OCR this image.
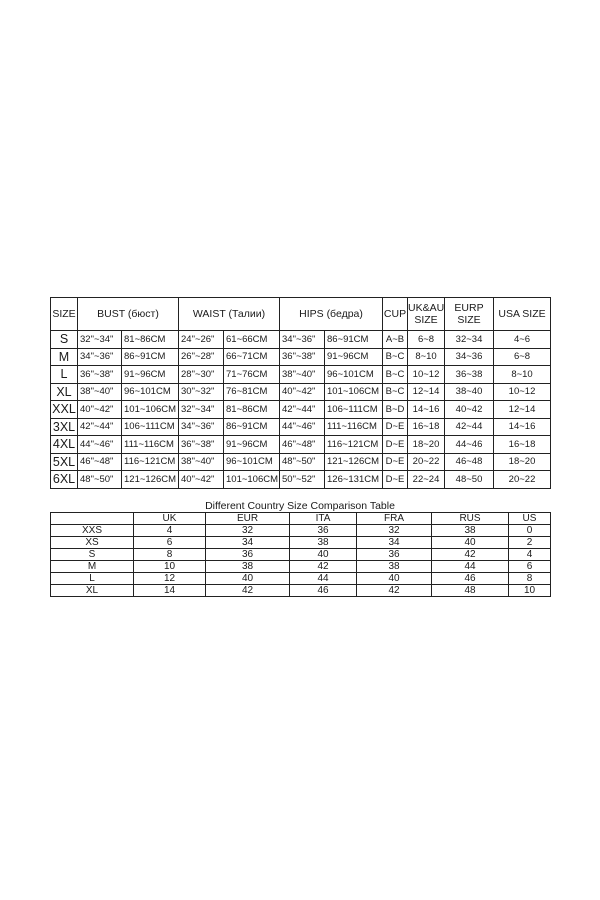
SIZE	BUST (бюст)		WAIST (Талии)		HIPS (бедра)		CUP	UK&AU SIZE	EURP SIZE	USA SIZE
S	32"~34"	81~86CM	24"~26"	61~66CM	34"~36"	86~91CM	A~B	6~8	32~34	4~6
M	34"~36"	86~91CM	26"~28"	66~71CM	36"~38"	91~96CM	B~C	8~10	34~36	6~8
L	36"~38"	91~96CM	28"~30"	71~76CM	38"~40"	96~101CM	B~C	10~12	36~38	8~10
XL	38"~40"	96~101CM	30"~32"	76~81CM	40"~42"	101~106CM	B~C	12~14	38~40	10~12
XXL	40"~42"	101~106CM	32"~34"	81~86CM	42"~44"	106~111CM	B~D	14~16	40~42	12~14
3XL	42"~44"	106~111CM	34"~36"	86~91CM	44"~46"	111~116CM	D~E	16~18	42~44	14~16
4XL	44"~46"	111~116CM	36"~38"	91~96CM	46"~48"	116~121CM	D~E	18~20	44~46	16~18
5XL	46"~48"	116~121CM	38"~40"	96~101CM	48"~50"	121~126CM	D~E	20~22	46~48	18~20
6XL	48"~50"	121~126CM	40"~42"	101~106CM	50"~52"	126~131CM	D~E	22~24	48~50	20~22
Different Country Size Comparison Table
	UK	EUR	ITA	FRA	RUS	US
XXS	4	32	36	32	38	0
XS	6	34	38	34	40	2
S	8	36	40	36	42	4
M	10	38	42	38	44	6
L	12	40	44	40	46	8
XL	14	42	46	42	48	10
